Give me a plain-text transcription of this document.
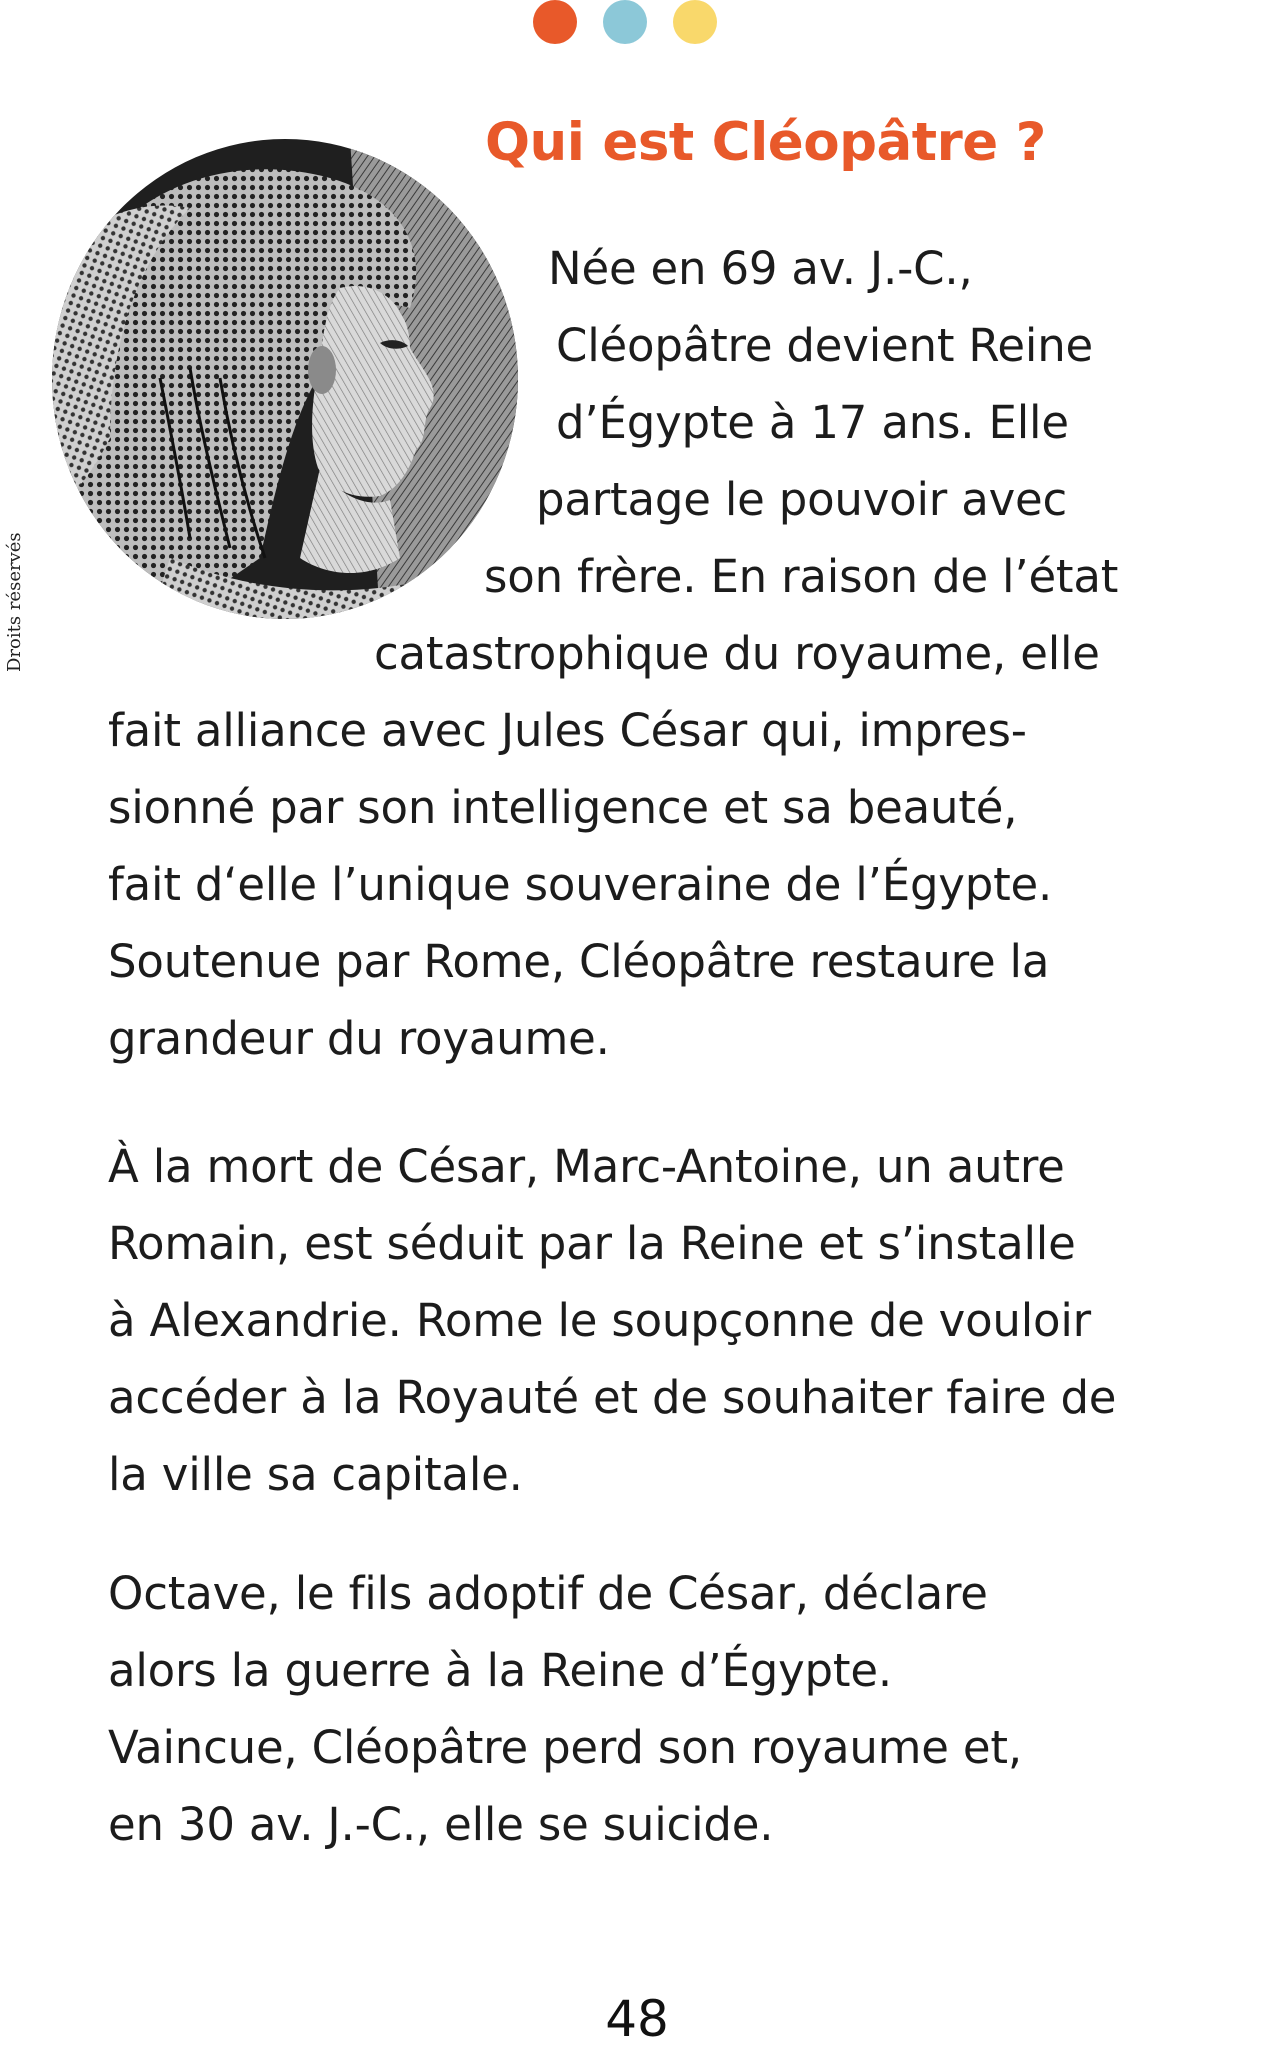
Droits réservés
Qui est Cléopâtre ?
Née en 69 av. J.-C.,
Cléopâtre devient Reine
d’Égypte à 17 ans. Elle
partage le pouvoir avec
son frère. En raison de l’état
catastrophique du royaume, elle
fait alliance avec Jules César qui, impres-
sionné par son intelligence et sa beauté,
fait d‘elle l’unique souveraine de l’Égypte.
Soutenue par Rome, Cléopâtre restaure la
grandeur du royaume.
À la mort de César, Marc-Antoine, un autre
Romain, est séduit par la Reine et s’installe
à Alexandrie. Rome le soupçonne de vouloir
accéder à la Royauté et de souhaiter faire de
la ville sa capitale.
Octave, le fils adoptif de César, déclare
alors la guerre à la Reine d’Égypte.
Vaincue, Cléopâtre perd son royaume et,
en 30 av. J.-C., elle se suicide.
48
